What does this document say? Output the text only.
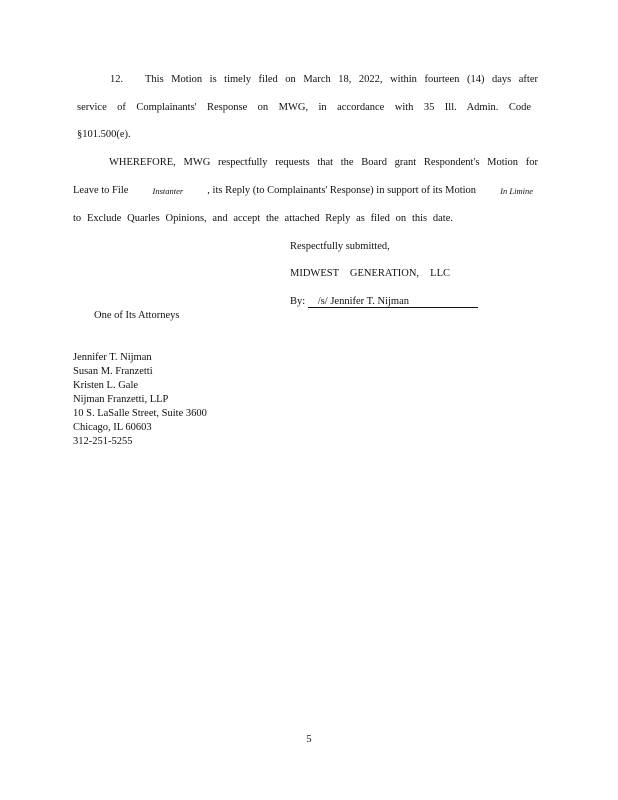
12. This Motion is timely filed on March 18, 2022, within fourteen (14) days after
service of Complainants' Response on MWG, in accordance with 35 Ill. Admin. Code
§101.500(e).
WHEREFORE, MWG respectfully requests that the Board grant Respondent's Motion for
Leave to File	Instanter , its Reply (to Complainants' Response) in support of its Motion	In Limine
to Exclude Quarles Opinions, and accept the attached Reply as filed on this date.
Respectfully submitted,
MIDWEST GENERATION, LLC
By: /s/ Jennifer T. Nijman
One of Its Attorneys
Jennifer T. Nijman
Susan M. Franzetti
Kristen L. Gale
Nijman Franzetti, LLP
10 S. LaSalle Street, Suite 3600
Chicago, IL 60603
312-251-5255
5
